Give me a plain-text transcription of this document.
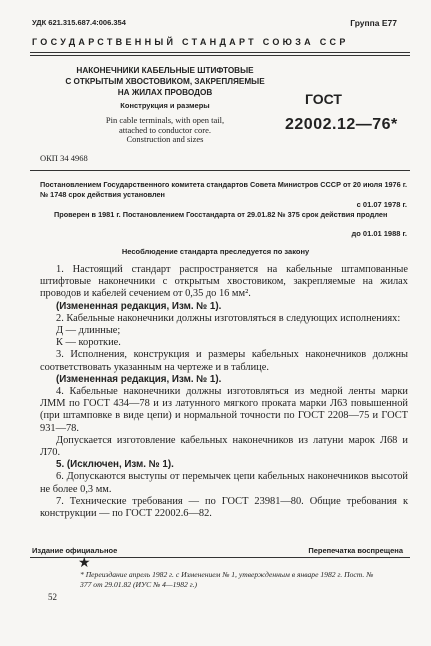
УДК 621.315.687.4:006.354	Группа Е77
ГОСУДАРСТВЕННЫЙ СТАНДАРТ СОЮЗА ССР
НАКОНЕЧНИКИ КАБЕЛЬНЫЕ ШТИФТОВЫЕ
С ОТКРЫТЫМ ХВОСТОВИКОМ, ЗАКРЕПЛЯЕМЫЕ
НА ЖИЛАХ ПРОВОДОВ	ГОСТ
22002.12—76*
Конструкция и размеры
Pin cable terminals, with open tail,
attached to conductor core.
Construction and sizes
ОКП 34 4968
Постановлением Государственного комитета стандартов Совета Министров СССР от 20 июля 1976 г. № 1748 срок действия установлен
с 01.07 1978 г.
Проверен в 1981 г. Постановлением Госстандарта от 29.01.82 № 375 срок действия продлен
до 01.01 1988 г.
Несоблюдение стандарта преследуется по закону

1. Настоящий стандарт распространяется на кабельные штампованные штифтовые наконечники с открытым хвостовиком, закрепляемые на жилах проводов и кабелей сечением от 0,35 до 16 мм².

(Измененная редакция, Изм. № 1).

2. Кабельные наконечники должны изготовляться в следующих исполнениях:

Д — длинные;

К — короткие.

3. Исполнения, конструкция и размеры кабельных наконечников должны соответствовать указанным на чертеже и в таблице.

(Измененная редакция, Изм. № 1).

4. Кабельные наконечники должны изготовляться из медной ленты марки ЛММ по ГОСТ 434—78 и из латунного мягкого проката марки Л63 повышенной (при штамповке в виде цепи) и нормальной точности по ГОСТ 2208—75 и ГОСТ 931—78.

Допускается изготовление кабельных наконечников из латуни марок Л68 и Л70.

5. (Исключен, Изм. № 1).

6. Допускаются выступы от перемычек цепи кабельных наконечников высотой не более 0,3 мм.

7. Технические требования — по ГОСТ 23981—80. Общие требования к конструкции — по ГОСТ 22002.6—82.

Издание официальное	Перепечатка воспрещена
★
* Переиздание апрель 1982 г. с Изменением № 1, утвержденным в январе 1982 г. Пост. № 377 от 29.01.82 (ИУС № 4—1982 г.)
52
